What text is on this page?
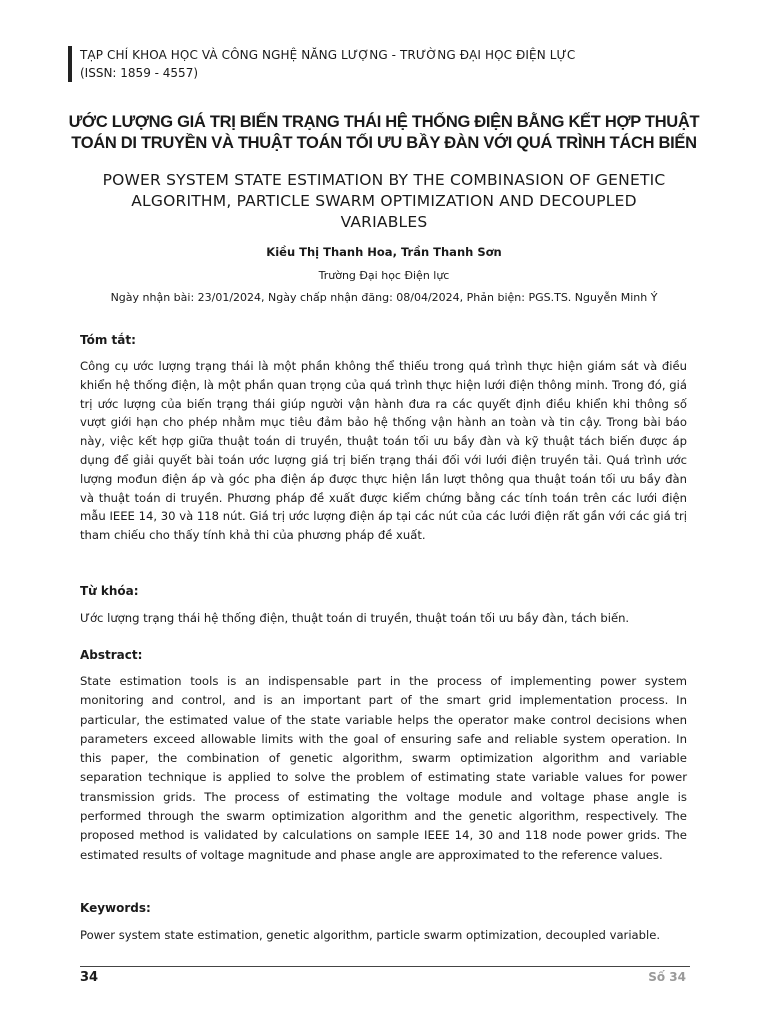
TẠP CHÍ KHOA HỌC VÀ CÔNG NGHỆ NĂNG LƯỢNG - TRƯỜNG ĐẠI HỌC ĐIỆN LỰC
(ISSN: 1859 - 4557)
ƯỚC LƯỢNG GIÁ TRỊ BIẾN TRẠNG THÁI HỆ THỐNG ĐIỆN BẰNG KẾT HỢP THUẬT
TOÁN DI TRUYỀN VÀ THUẬT TOÁN TỐI ƯU BẦY ĐÀN VỚI QUÁ TRÌNH TÁCH BIẾN
POWER SYSTEM STATE ESTIMATION BY THE COMBINASION OF GENETIC
ALGORITHM, PARTICLE SWARM OPTIMIZATION AND DECOUPLED
VARIABLES
Kiều Thị Thanh Hoa, Trần Thanh Sơn
Trường Đại học Điện lực
Ngày nhận bài: 23/01/2024, Ngày chấp nhận đăng: 08/04/2024, Phản biện: PGS.TS. Nguyễn Minh Ý
Tóm tắt:
Công cụ ước lượng trạng thái là một phần không thể thiếu trong quá trình thực hiện giám sát và điều khiển hệ thống điện, là một phần quan trọng của quá trình thực hiện lưới điện thông minh. Trong đó, giá trị ước lượng của biến trạng thái giúp người vận hành đưa ra các quyết định điều khiển khi thông số vượt giới hạn cho phép nhằm mục tiêu đảm bảo hệ thống vận hành an toàn và tin cậy. Trong bài báo này, việc kết hợp giữa thuật toán di truyền, thuật toán tối ưu bầy đàn và kỹ thuật tách biến được áp dụng để giải quyết bài toán ước lượng giá trị biến trạng thái đối với lưới điện truyền tải. Quá trình ước lượng mođun điện áp và góc pha điện áp được thực hiện lần lượt thông qua thuật toán tối ưu bầy đàn và thuật toán di truyền. Phương pháp đề xuất được kiểm chứng bằng các tính toán trên các lưới điện mẫu IEEE 14, 30 và 118 nút. Giá trị ước lượng điện áp tại các nút của các lưới điện rất gần với các giá trị tham chiếu cho thấy tính khả thi của phương pháp đề xuất.
Từ khóa:
Ước lượng trạng thái hệ thống điện, thuật toán di truyền, thuật toán tối ưu bầy đàn, tách biến.
Abstract:
State estimation tools is an indispensable part in the process of implementing power system monitoring and control, and is an important part of the smart grid implementation process. In particular, the estimated value of the state variable helps the operator make control decisions when parameters exceed allowable limits with the goal of ensuring safe and reliable system operation. In this paper, the combination of genetic algorithm, swarm optimization algorithm and variable separation technique is applied to solve the problem of estimating state variable values for power transmission grids. The process of estimating the voltage module and voltage phase angle is performed through the swarm optimization algorithm and the genetic algorithm, respectively. The proposed method is validated by calculations on sample IEEE 14, 30 and 118 node power grids. The estimated results of voltage magnitude and phase angle are approximated to the reference values.
Keywords:
Power system state estimation, genetic algorithm, particle swarm optimization, decoupled variable.
34	Số 34
